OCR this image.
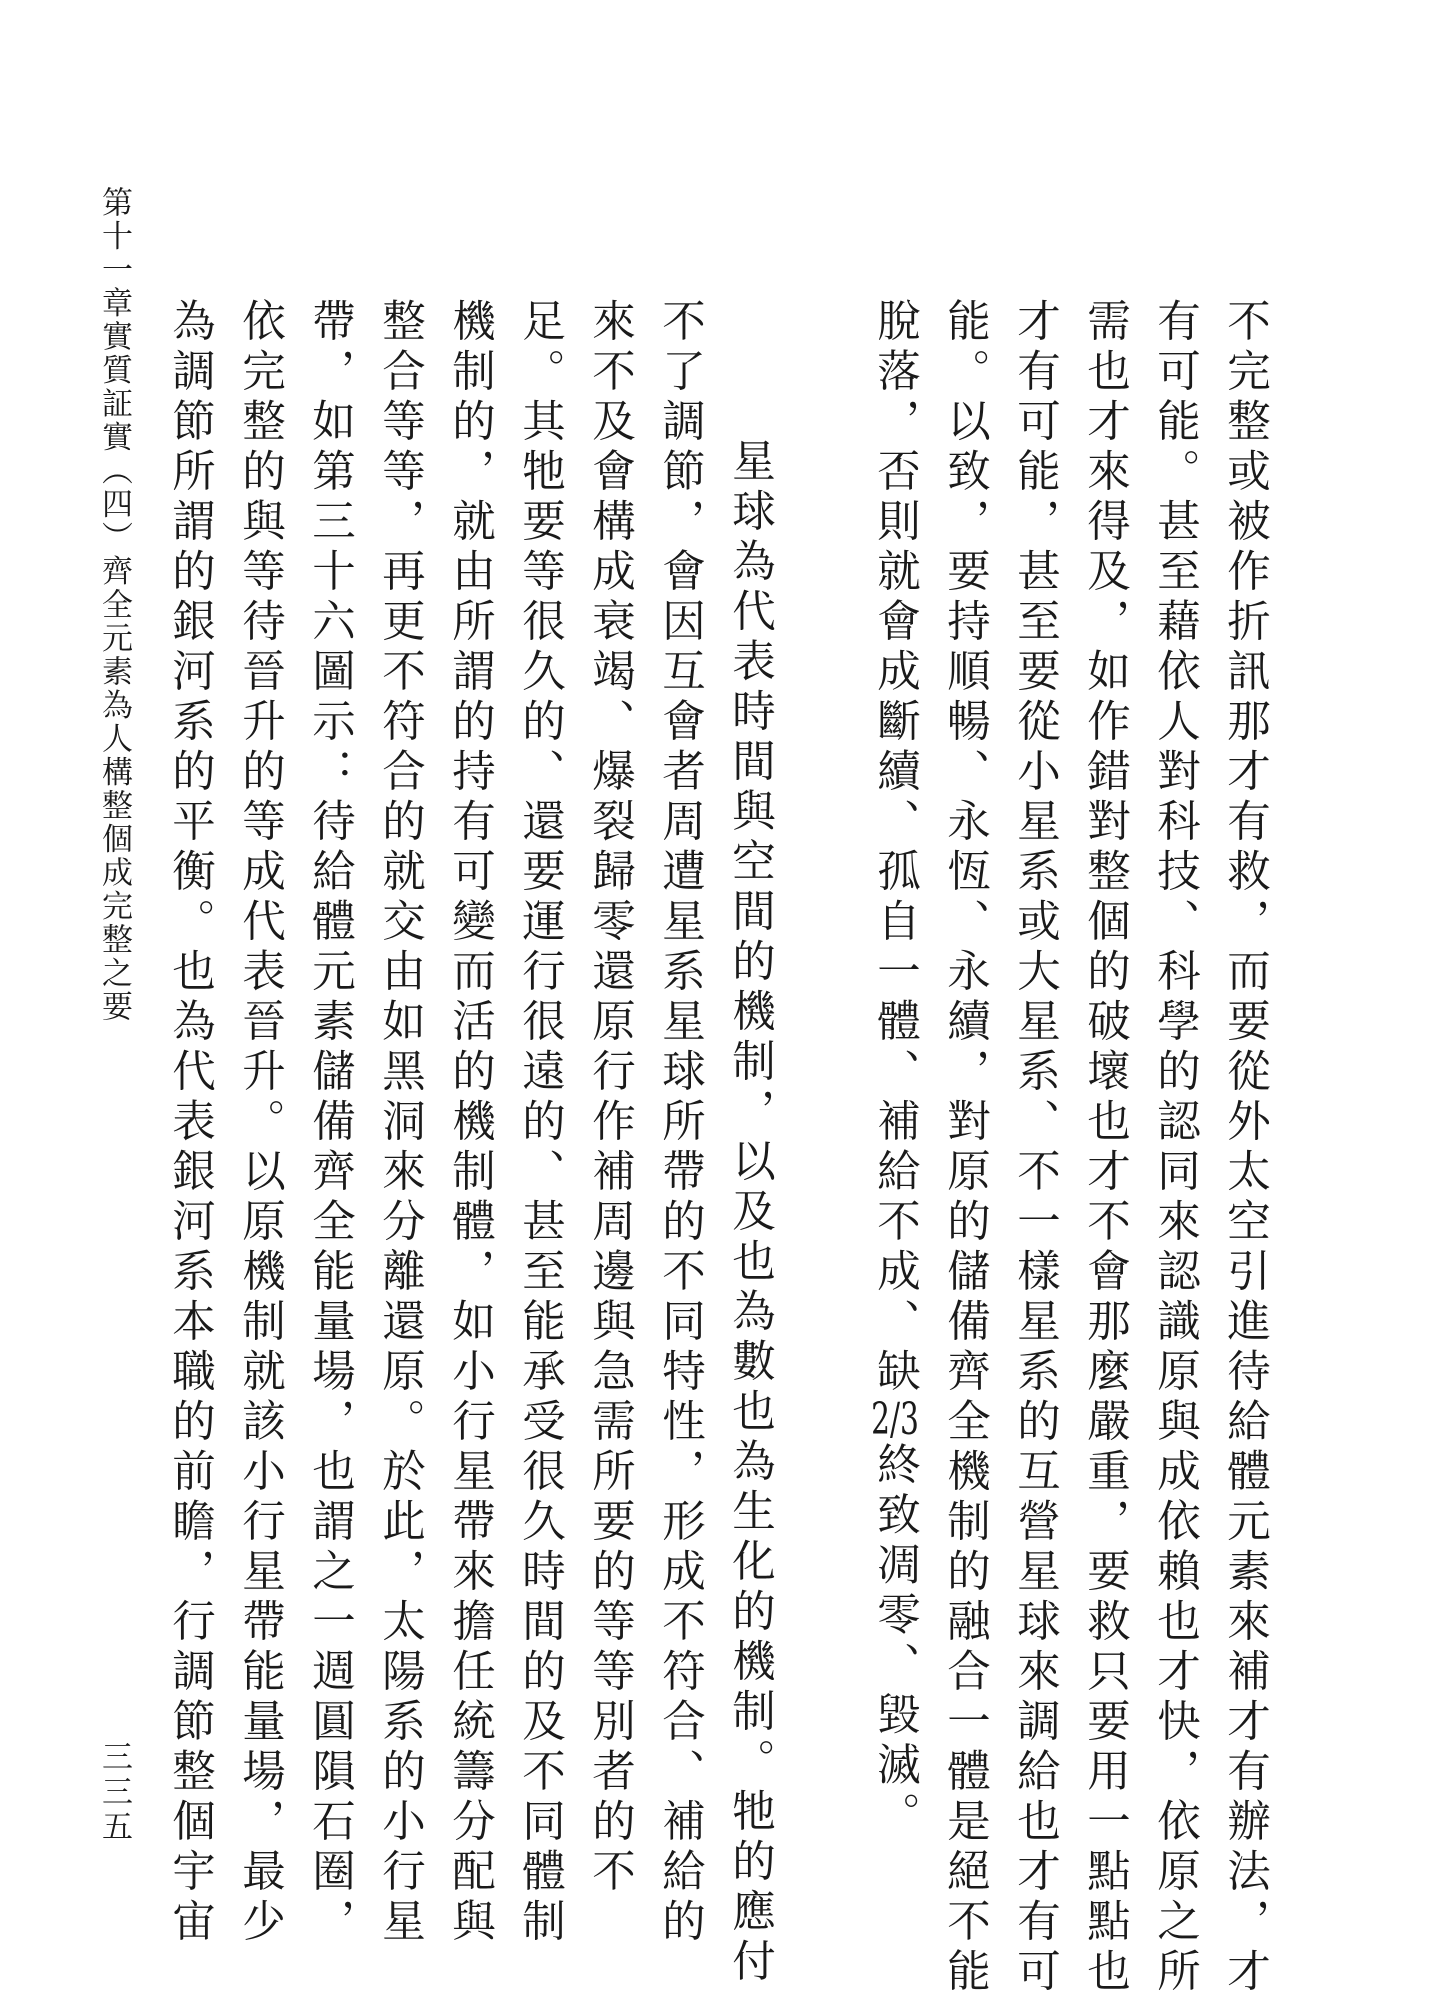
第十一章實質証實（四）齊全元素為人構整個成完整之要	不完整或被作折訊那才有救，而要從外太空引進待給體元素來補才有辦法，才
有可能。甚至藉依人對科技、科學的認同來認識原與成依賴也才快，依原之所
需也才來得及，如作錯對整個的破壞也才不會那麼嚴重，要救只要用一點點也
才有可能，甚至要從小星系或大星系、不一樣星系的互營星球來調給也才有可
能。以致，要持順暢、永恆、永續，對原的儲備齊全機制的融合一體是絕不能
脫落，否則就會成斷續、孤自一體、補給不成、缺2/3終致凋零、毀滅。
　星球為代表時間與空間的機制，以及也為數也為生化的機制。牠的應付
不了調節，會因互會者周遭星系星球所帶的不同特性，形成不符合、補給的
來不及會構成衰竭、爆裂歸零還原行作補周邊與急需所要的等等別者的不
足。其牠要等很久的、還要運行很遠的、甚至能承受很久時間的及不同體制
機制的，就由所謂的持有可變而活的機制體，如小行星帶來擔任統籌分配與
整合等等，再更不符合的就交由如黑洞來分離還原。於此，太陽系的小行星
帶，如第三十六圖示：待給體元素儲備齊全能量場，也謂之一週圓隕石圈，
依完整的與等待晉升的等成代表晉升。以原機制就該小行星帶能量場，最少
為調節所謂的銀河系的平衡。也為代表銀河系本職的前瞻，行調節整個宇宙
三三五
